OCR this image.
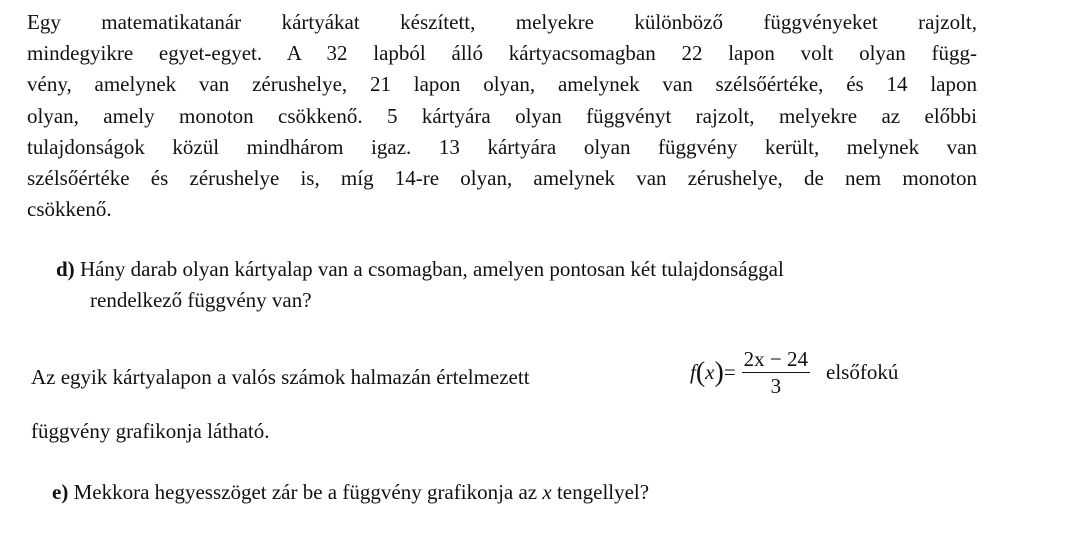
Egy matematikatanár kártyákat készített, melyekre különböző függvényeket rajzolt,
mindegyikre egyet-egyet. A 32 lapból álló kártyacsomagban 22 lapon volt olyan függ-
vény, amelynek van zérushelye, 21 lapon olyan, amelynek van szélsőértéke, és 14 lapon
olyan, amely monoton csökkenő. 5 kártyára olyan függvényt rajzolt, melyekre az előbbi
tulajdonságok közül mindhárom igaz. 13 kártyára olyan függvény került, melynek van
szélsőértéke és zérushelye is, míg 14-re olyan, amelynek van zérushelye, de nem monoton
csökkenő.
d) Hány darab olyan kártyalap van a csomagban, amelyen pontosan két tulajdonsággal
rendelkező függvény van?
Az egyik kártyalapon a valós számok halmazán értelmezett	f ( x ) = $\frac{2x - 24}{3}$ elsőfokú
függvény grafikonja látható.
e) Mekkora hegyesszöget zár be a függvény grafikonja az x tengellyel?
